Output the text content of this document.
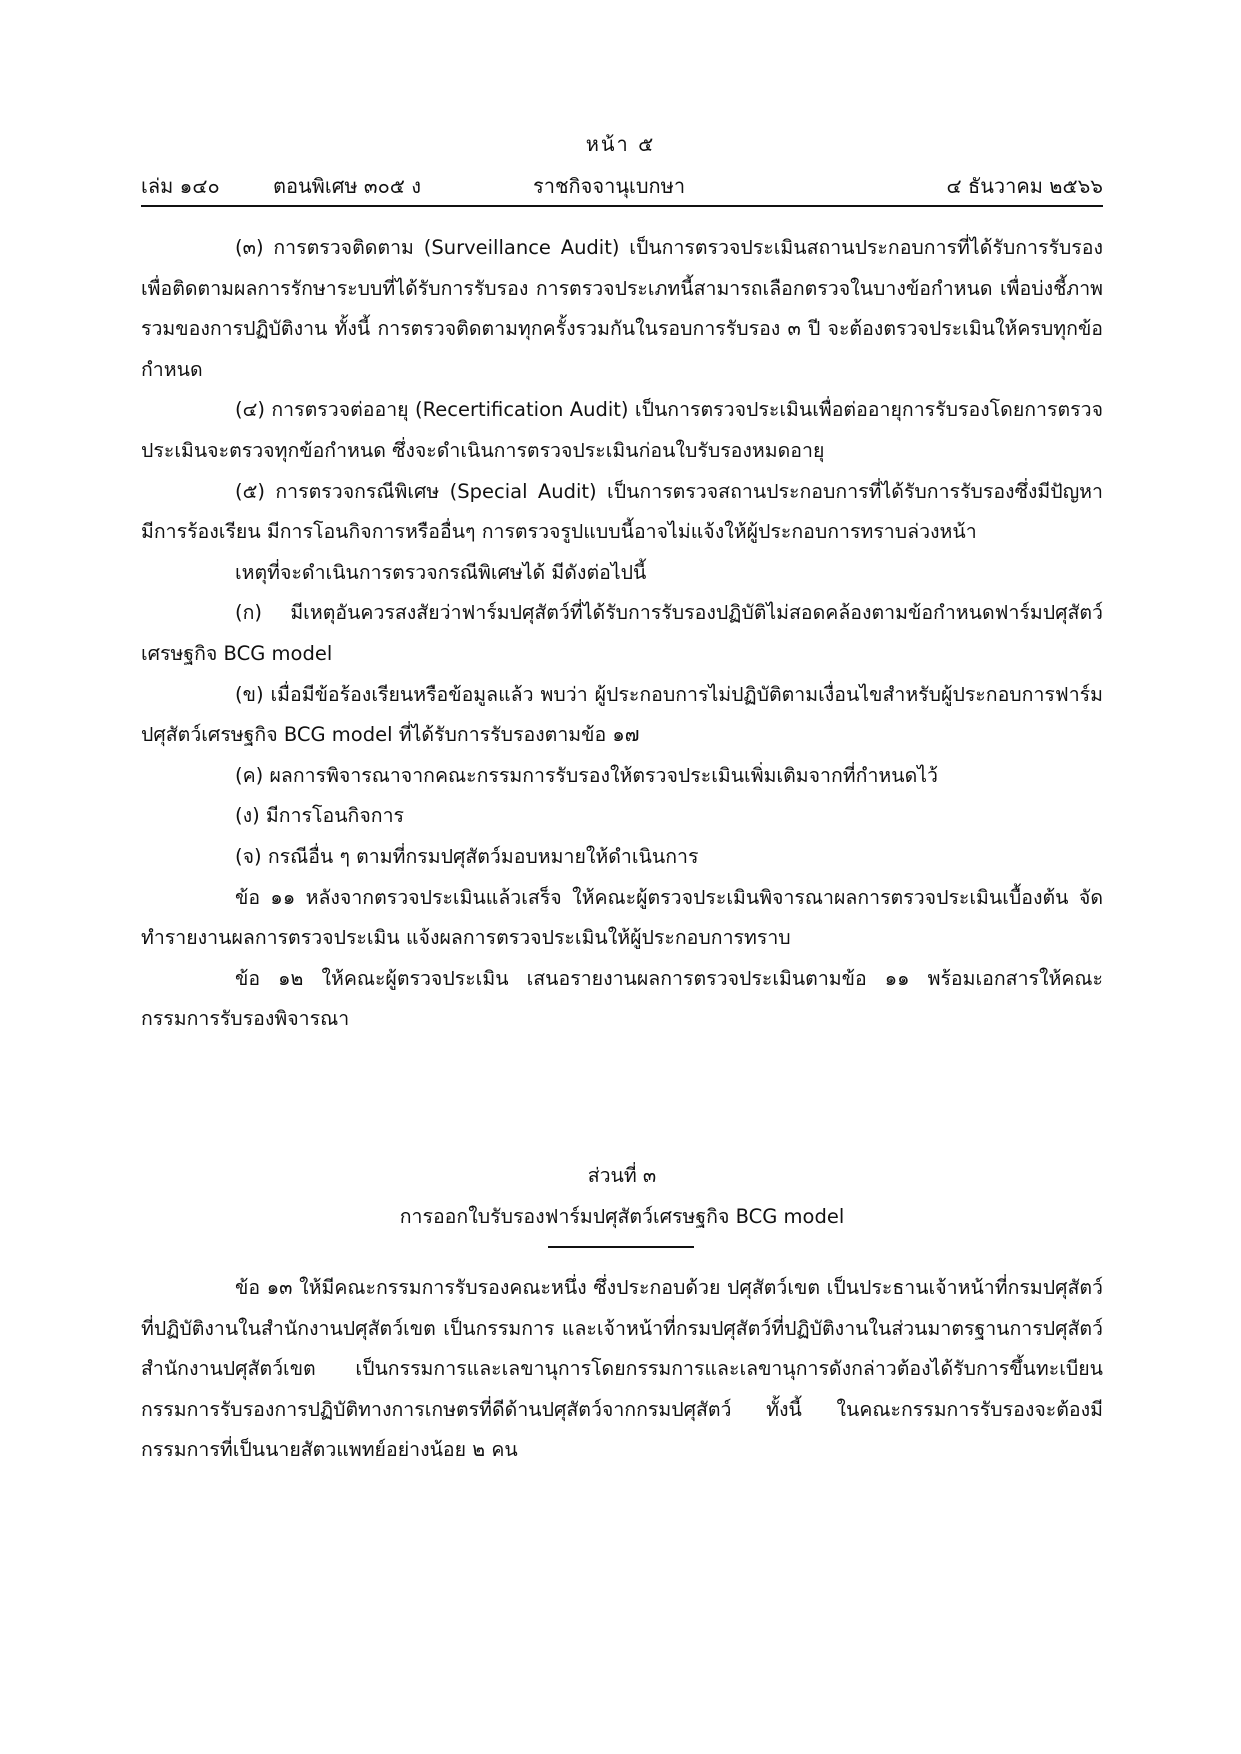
หน้า ๕
เล่ม ๑๔๐	ตอนพิเศษ ๓๐๕ ง	ราชกิจจานุเบกษา	๔ ธันวาคม ๒๕๖๖

(๓) การตรวจติดตาม (Surveillance Audit) เป็นการตรวจประเมินสถานประกอบการที่ได้รับการรับรอง เพื่อติดตามผลการรักษาระบบที่ได้รับการรับรอง การตรวจประเภทนี้สามารถเลือกตรวจในบางข้อกำหนด เพื่อบ่งชี้ภาพรวมของการปฏิบัติงาน ทั้งนี้ การตรวจติดตามทุกครั้งรวมกันในรอบการรับรอง ๓ ปี จะต้องตรวจประเมินให้ครบทุกข้อกำหนด

(๔) การตรวจต่ออายุ (Recertification Audit) เป็นการตรวจประเมินเพื่อต่ออายุการรับรองโดยการตรวจประเมินจะตรวจทุกข้อกำหนด ซึ่งจะดำเนินการตรวจประเมินก่อนใบรับรองหมดอายุ

(๕) การตรวจกรณีพิเศษ (Special Audit) เป็นการตรวจสถานประกอบการที่ได้รับการรับรองซึ่งมีปัญหา มีการร้องเรียน มีการโอนกิจการหรืออื่นๆ การตรวจรูปแบบนี้อาจไม่แจ้งให้ผู้ประกอบการทราบล่วงหน้า

เหตุที่จะดำเนินการตรวจกรณีพิเศษได้ มีดังต่อไปนี้

(ก) มีเหตุอันควรสงสัยว่าฟาร์มปศุสัตว์ที่ได้รับการรับรองปฏิบัติไม่สอดคล้องตามข้อกำหนดฟาร์มปศุสัตว์เศรษฐกิจ BCG model

(ข) เมื่อมีข้อร้องเรียนหรือข้อมูลแล้ว พบว่า ผู้ประกอบการไม่ปฏิบัติตามเงื่อนไขสำหรับผู้ประกอบการฟาร์มปศุสัตว์เศรษฐกิจ BCG model ที่ได้รับการรับรองตามข้อ ๑๗

(ค) ผลการพิจารณาจากคณะกรรมการรับรองให้ตรวจประเมินเพิ่มเติมจากที่กำหนดไว้

(ง) มีการโอนกิจการ

(จ) กรณีอื่น ๆ ตามที่กรมปศุสัตว์มอบหมายให้ดำเนินการ

ข้อ ๑๑ หลังจากตรวจประเมินแล้วเสร็จ ให้คณะผู้ตรวจประเมินพิจารณาผลการตรวจประเมินเบื้องต้น จัดทำรายงานผลการตรวจประเมิน แจ้งผลการตรวจประเมินให้ผู้ประกอบการทราบ

ข้อ ๑๒ ให้คณะผู้ตรวจประเมิน เสนอรายงานผลการตรวจประเมินตามข้อ ๑๑ พร้อมเอกสารให้คณะกรรมการรับรองพิจารณา

ส่วนที่ ๓

การออกใบรับรองฟาร์มปศุสัตว์เศรษฐกิจ BCG model

ข้อ ๑๓ ให้มีคณะกรรมการรับรองคณะหนึ่ง ซึ่งประกอบด้วย ปศุสัตว์เขต เป็นประธานเจ้าหน้าที่กรมปศุสัตว์ที่ปฏิบัติงานในสำนักงานปศุสัตว์เขต เป็นกรรมการ และเจ้าหน้าที่กรมปศุสัตว์ที่ปฏิบัติงานในส่วนมาตรฐานการปศุสัตว์ สำนักงานปศุสัตว์เขต เป็นกรรมการและเลขานุการโดยกรรมการและเลขานุการดังกล่าวต้องได้รับการขึ้นทะเบียนกรรมการรับรองการปฏิบัติทางการเกษตรที่ดีด้านปศุสัตว์จากกรมปศุสัตว์ ทั้งนี้ ในคณะกรรมการรับรองจะต้องมีกรรมการที่เป็นนายสัตวแพทย์อย่างน้อย ๒ คน
